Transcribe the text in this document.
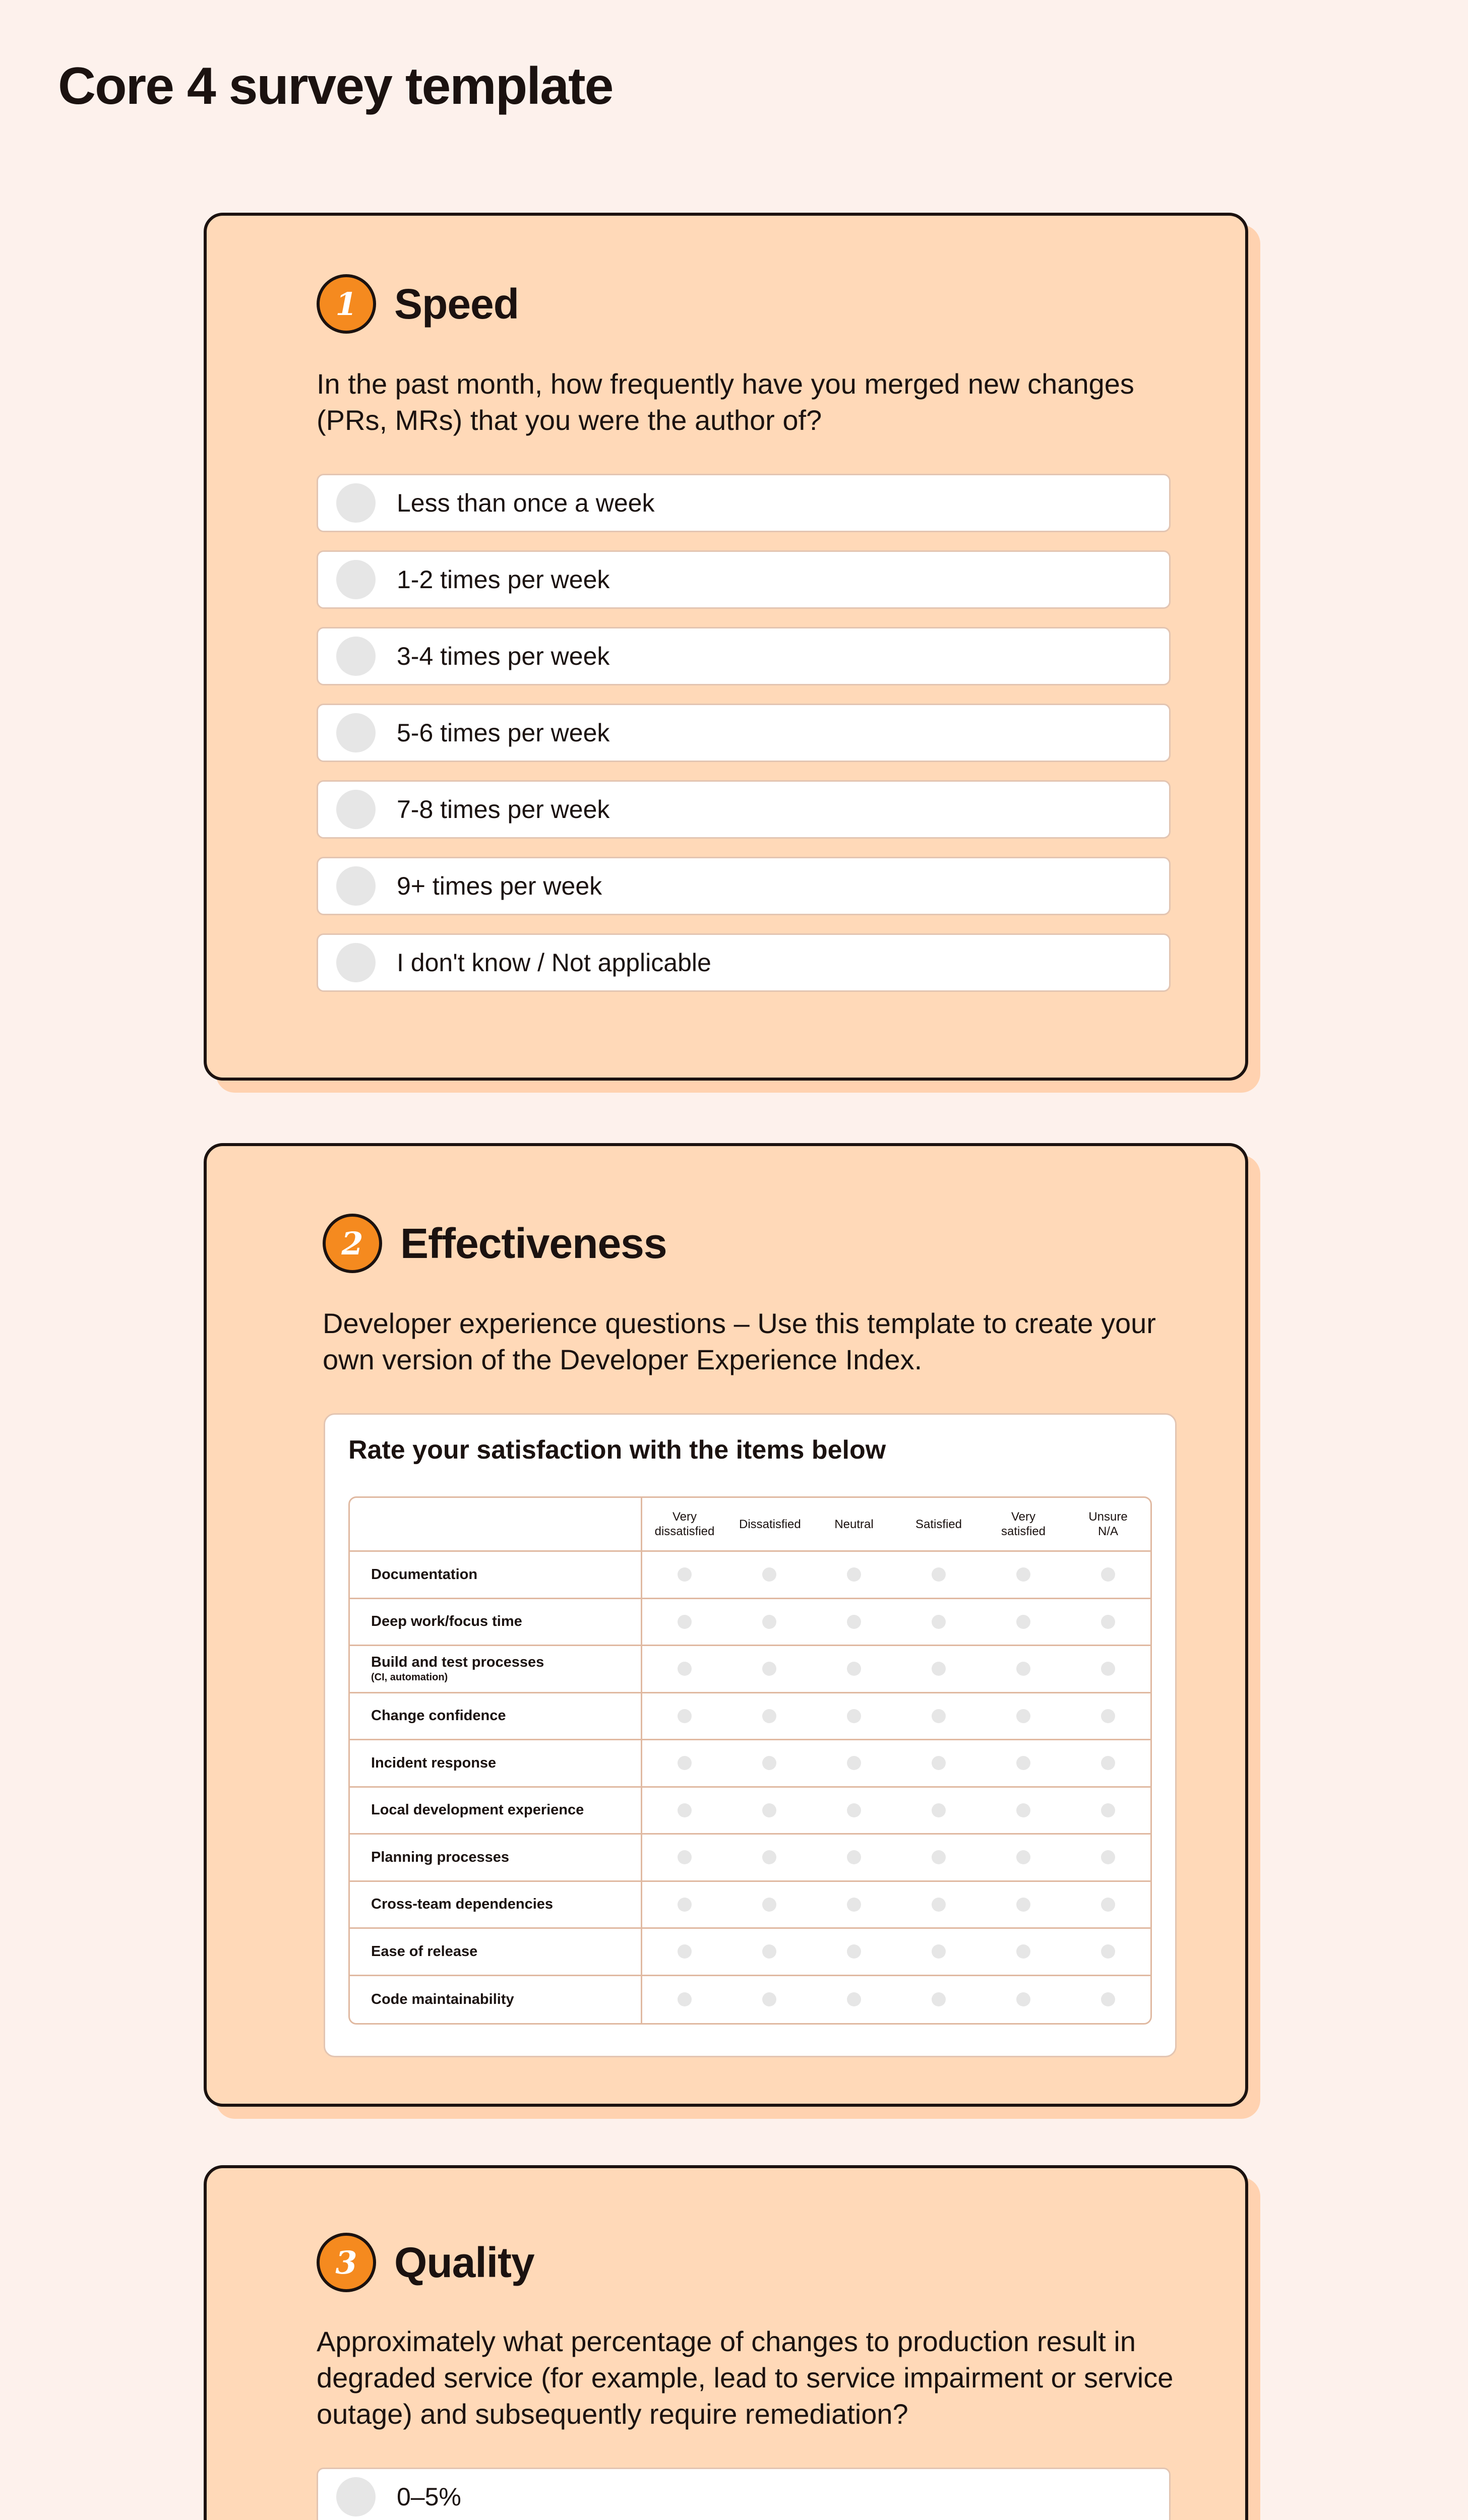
Core 4 survey template
1 Speed
In the past month, how frequently have you merged new changes (PRs, MRs) that you were the author of?
Less than once a week
1-2 times per week
3-4 times per week
5-6 times per week
7-8 times per week
9+ times per week
I don't know / Not applicable
2 Effectiveness
Developer experience questions – Use this template to create your own version of the Developer Experience Index.
Rate your satisfaction with the items below
Very dissatisfied
Dissatisfied	Neutral	Satisfied
Very satisfied
Unsure N/A
Documentation
Deep work/focus time
Build and test processes
(CI, automation)
Change confidence
Incident response
Local development experience
Planning processes
Cross-team dependencies
Ease of release
Code maintainability
3 Quality
Approximately what percentage of changes to production result in degraded service (for example, lead to service impairment or service outage) and subsequently require remediation?
0–5%
